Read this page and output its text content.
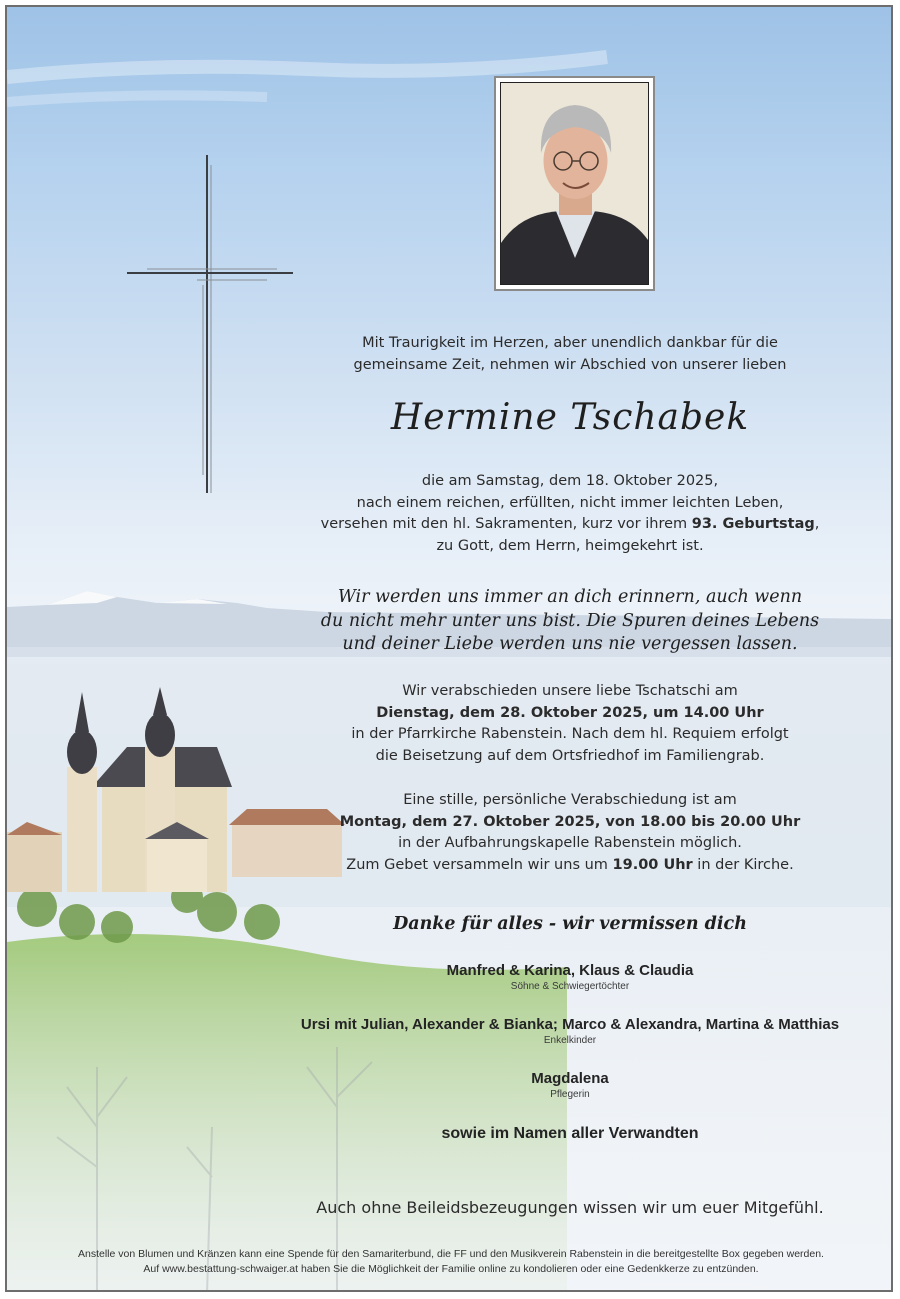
Mit Traurigkeit im Herzen, aber unendlich dankbar für die

gemeinsame Zeit, nehmen wir Abschied von unserer lieben

Hermine Tschabek

die am Samstag, dem 18. Oktober 2025,

nach einem reichen, erfüllten, nicht immer leichten Leben,

versehen mit den hl. Sakramenten, kurz vor ihrem 93. Geburtstag,

zu Gott, dem Herrn, heimgekehrt ist.

Wir werden uns immer an dich erinnern, auch wenn

du nicht mehr unter uns bist. Die Spuren deines Lebens

und deiner Liebe werden uns nie vergessen lassen.

Wir verabschieden unsere liebe Tschatschi am

Dienstag, dem 28. Oktober 2025, um 14.00 Uhr

in der Pfarrkirche Rabenstein. Nach dem hl. Requiem erfolgt

die Beisetzung auf dem Ortsfriedhof im Familiengrab.

Eine stille, persönliche Verabschiedung ist am

Montag, dem 27. Oktober 2025, von 18.00 bis 20.00 Uhr

in der Aufbahrungskapelle Rabenstein möglich.

Zum Gebet versammeln wir uns um 19.00 Uhr in der Kirche.

Danke für alles - wir vermissen dich

Manfred & Karina, Klaus & Claudia

Söhne & Schwiegertöchter

Ursi mit Julian, Alexander & Bianka; Marco & Alexandra, Martina & Matthias

Enkelkinder

Magdalena

Pflegerin

sowie im Namen aller Verwandten

Auch ohne Beileidsbezeugungen wissen wir um euer Mitgefühl.

Anstelle von Blumen und Kränzen kann eine Spende für den Samariterbund, die FF und den Musikverein Rabenstein in die bereitgestellte Box gegeben werden.
Auf www.bestattung-schwaiger.at haben Sie die Möglichkeit der Familie online zu kondolieren oder eine Gedenkkerze zu entzünden.
